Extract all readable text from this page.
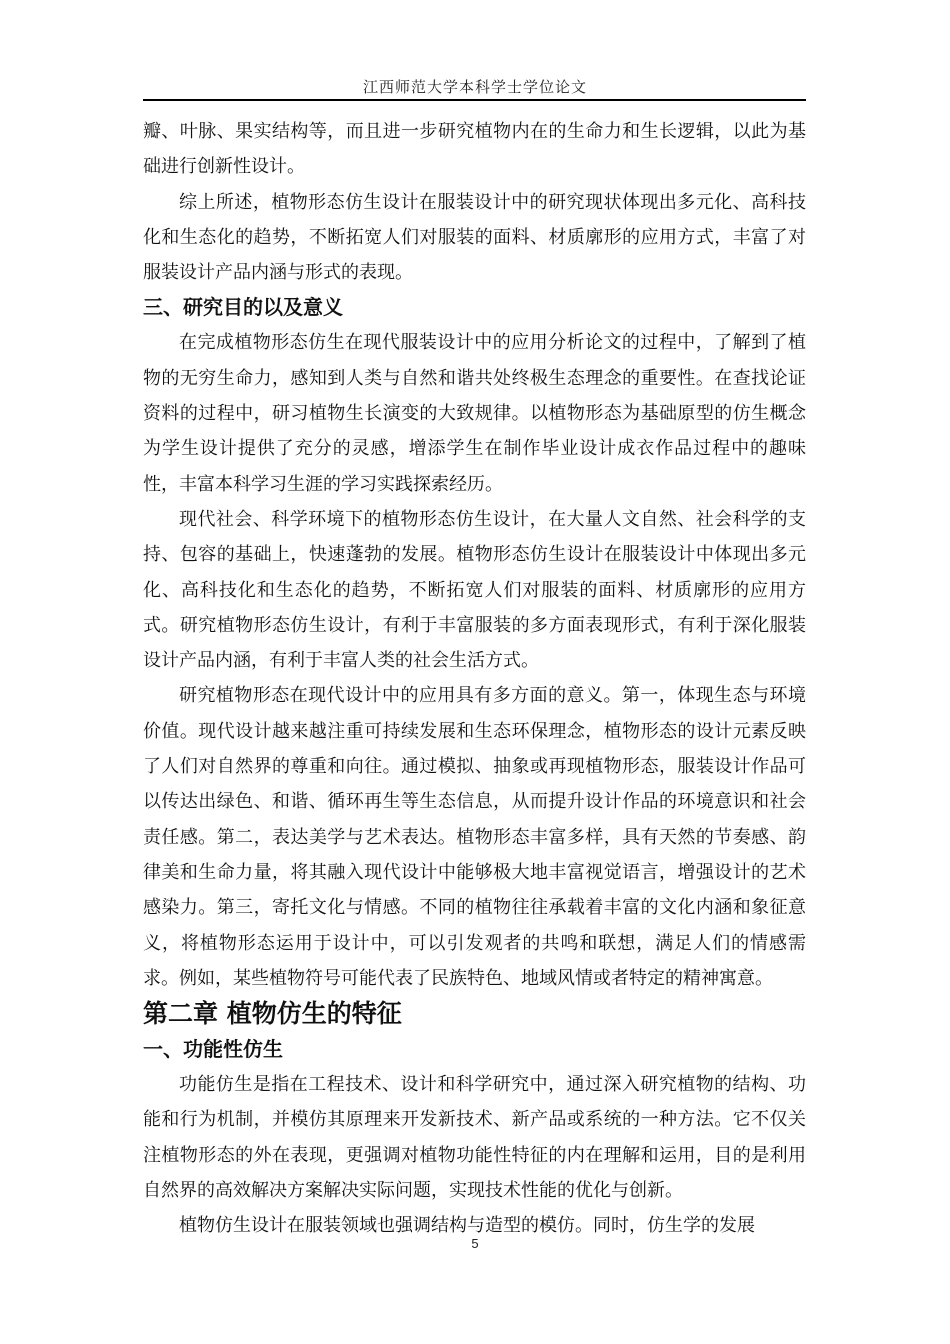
江西师范大学本科学士学位论文

瓣、叶脉、果实结构等，而且进一步研究植物内在的生命力和生长逻辑，以此为基础进行创新性设计。

综上所述，植物形态仿生设计在服装设计中的研究现状体现出多元化、高科技化和生态化的趋势，不断拓宽人们对服装的面料、材质廓形的应用方式，丰富了对服装设计产品内涵与形式的表现。

三、研究目的以及意义

在完成植物形态仿生在现代服装设计中的应用分析论文的过程中，了解到了植物的无穷生命力，感知到人类与自然和谐共处终极生态理念的重要性。在查找论证资料的过程中，研习植物生长演变的大致规律。以植物形态为基础原型的仿生概念为学生设计提供了充分的灵感，增添学生在制作毕业设计成衣作品过程中的趣味性，丰富本科学习生涯的学习实践探索经历。

现代社会、科学环境下的植物形态仿生设计，在大量人文自然、社会科学的支持、包容的基础上，快速蓬勃的发展。植物形态仿生设计在服装设计中体现出多元化、高科技化和生态化的趋势，不断拓宽人们对服装的面料、材质廓形的应用方式。研究植物形态仿生设计，有利于丰富服装的多方面表现形式，有利于深化服装设计产品内涵，有利于丰富人类的社会生活方式。

研究植物形态在现代设计中的应用具有多方面的意义。第一，体现生态与环境价值。现代设计越来越注重可持续发展和生态环保理念，植物形态的设计元素反映了人们对自然界的尊重和向往。通过模拟、抽象或再现植物形态，服装设计作品可以传达出绿色、和谐、循环再生等生态信息，从而提升设计作品的环境意识和社会责任感。第二，表达美学与艺术表达。植物形态丰富多样，具有天然的节奏感、韵律美和生命力量，将其融入现代设计中能够极大地丰富视觉语言，增强设计的艺术感染力。第三，寄托文化与情感。不同的植物往往承载着丰富的文化内涵和象征意义，将植物形态运用于设计中，可以引发观者的共鸣和联想，满足人们的情感需求。例如，某些植物符号可能代表了民族特色、地域风情或者特定的精神寓意。

第二章 植物仿生的特征
一、功能性仿生

功能仿生是指在工程技术、设计和科学研究中，通过深入研究植物的结构、功能和行为机制，并模仿其原理来开发新技术、新产品或系统的一种方法。它不仅关注植物形态的外在表现，更强调对植物功能性特征的内在理解和运用，目的是利用自然界的高效解决方案解决实际问题，实现技术性能的优化与创新。

植物仿生设计在服装领域也强调结构与造型的模仿。同时，仿生学的发展

5
